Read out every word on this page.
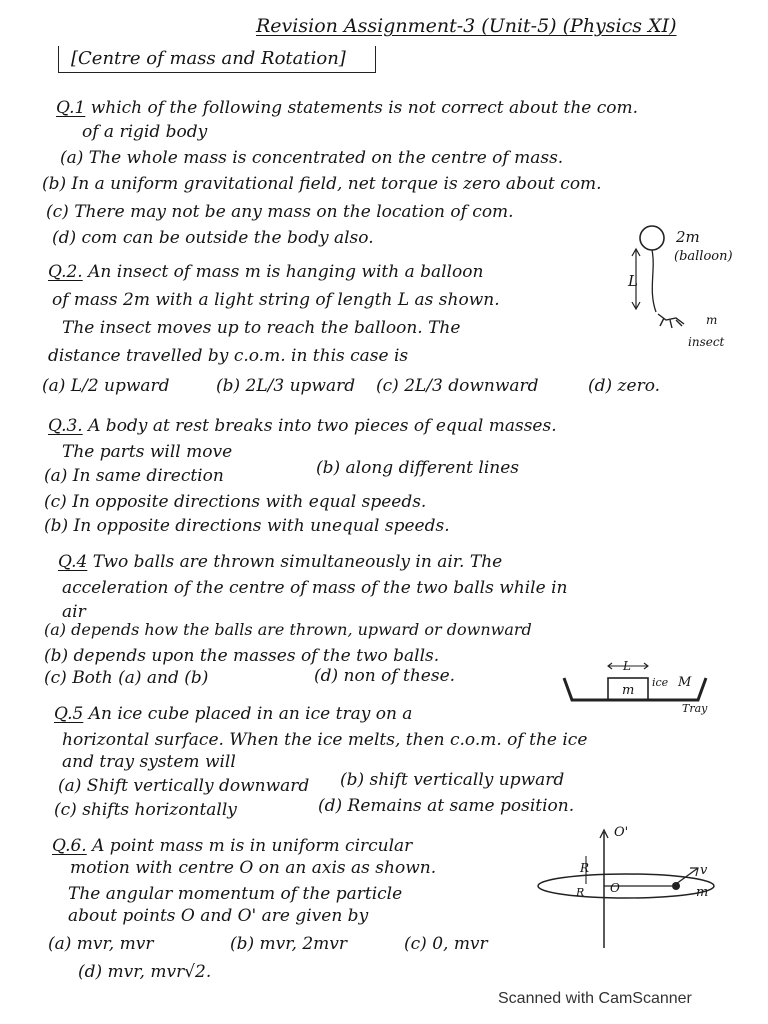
Revision Assignment-3 (Unit-5) (Physics XI)
[Centre of mass and Rotation]
Q.1 which of the following statements is not correct about the com.
of a rigid body
(a) The whole mass is concentrated on the centre of mass.
(b) In a uniform gravitational field, net torque is zero about com.
(c) There may not be any mass on the location of com.
(d) com can be outside the body also.
Q.2. An insect of mass m is hanging with a balloon
of mass 2m with a light string of length L as shown.
The insect moves up to reach the balloon. The
distance travelled by c.o.m. in this case is
(a) L/2 upward	(b) 2L/3 upward (c) 2L/3 downward	(d) zero.
L
2m
(balloon)
m
insect
Q.3. A body at rest breaks into two pieces of equal masses.
The parts will move
(a) In same direction	(b) along different lines
(c) In opposite directions with equal speeds.
(b) In opposite directions with unequal speeds.
Q.4 Two balls are thrown simultaneously in air. The
acceleration of the centre of mass of the two balls while in
air
(a) depends how the balls are thrown, upward or downward
(b) depends upon the masses of the two balls.
(c) Both (a) and (b)	(d) non of these.
Q.5 An ice cube placed in an ice tray on a
horizontal surface. When the ice melts, then c.o.m. of the ice
and tray system will
(a) Shift vertically downward (b) shift vertically upward
(c) shifts horizontally	(d) Remains at same position.
L
m
ice M
Tray
Q.6. A point mass m is in uniform circular
motion with centre O on an axis as shown.
The angular momentum of the particle
about points O and O' are given by
(a) mvr, mvr	(b) mvr, 2mvr	(c) 0, mvr
(d) mvr, mvr√2.
O'
R
R O
v
m
Scanned with CamScanner
